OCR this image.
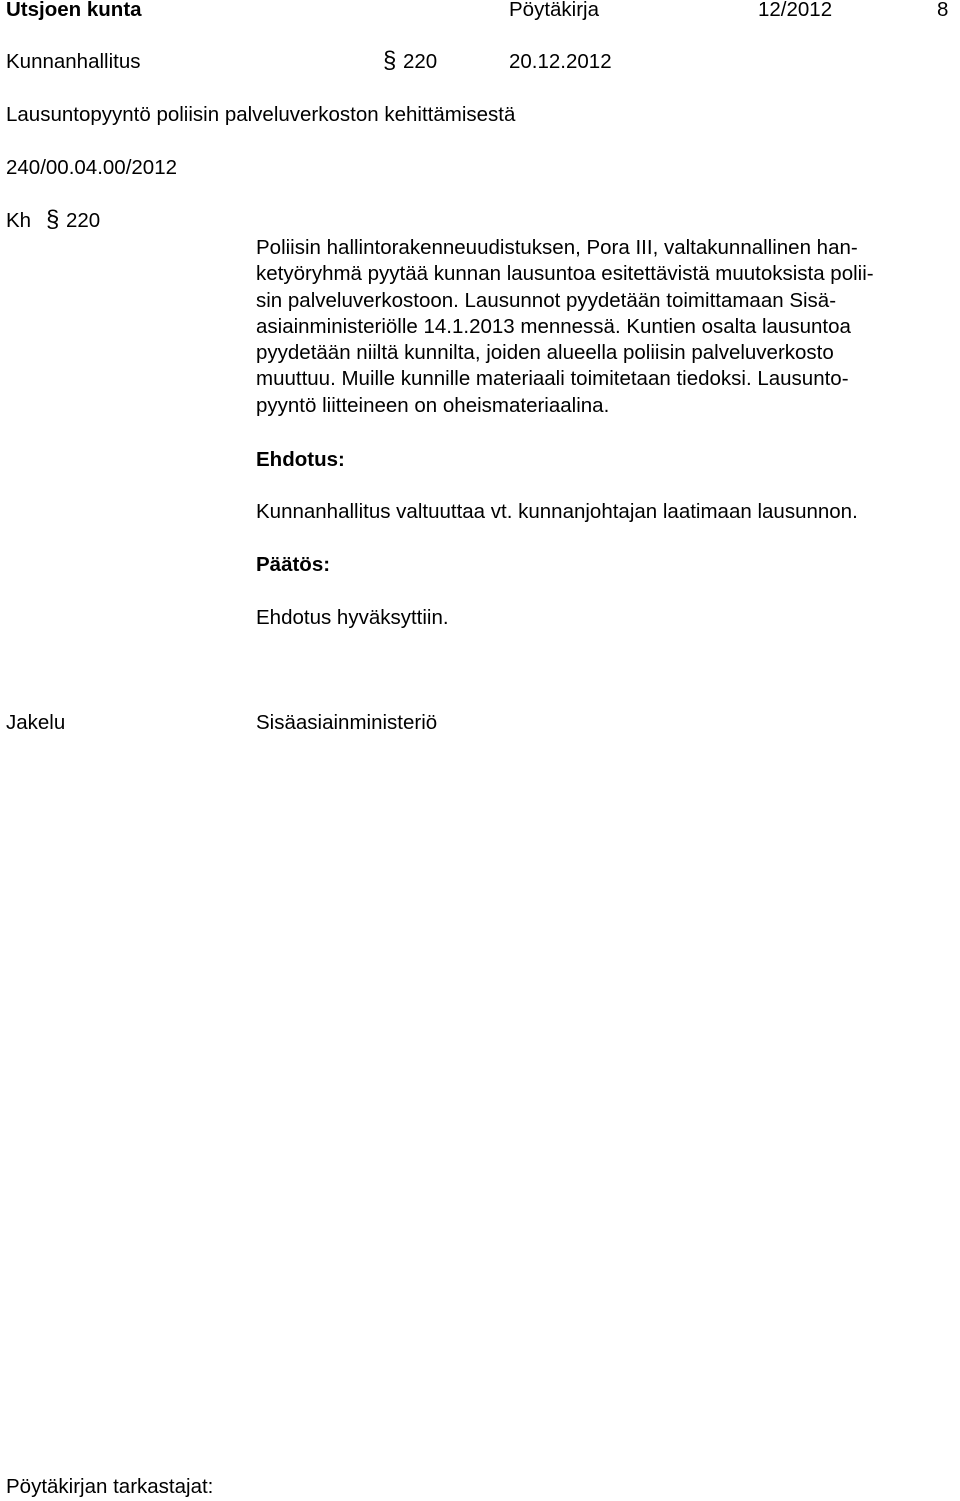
Utsjoen kunta	Pöytäkirja	12/2012	8
Kunnanhallitus	§ 220	20.12.2012
Lausuntopyyntö poliisin palveluverkoston kehittämisestä
240/00.04.00/2012
Kh § 220
Poliisin hallintorakenneuudistuksen, Pora III, valtakunnallinen han-
ketyöryhmä pyytää kunnan lausuntoa esitettävistä muutoksista polii-
sin palveluverkostoon. Lausunnot pyydetään toimittamaan Sisä-
asiainministeriölle 14.1.2013 mennessä. Kuntien osalta lausuntoa
pyydetään niiltä kunnilta, joiden alueella poliisin palveluverkosto
muuttuu. Muille kunnille materiaali toimitetaan tiedoksi. Lausunto-
pyyntö liitteineen on oheismateriaalina.
Ehdotus:
Kunnanhallitus valtuuttaa vt. kunnanjohtajan laatimaan lausunnon.
Päätös:
Ehdotus hyväksyttiin.
Jakelu	Sisäasiainministeriö
Pöytäkirjan tarkastajat:
